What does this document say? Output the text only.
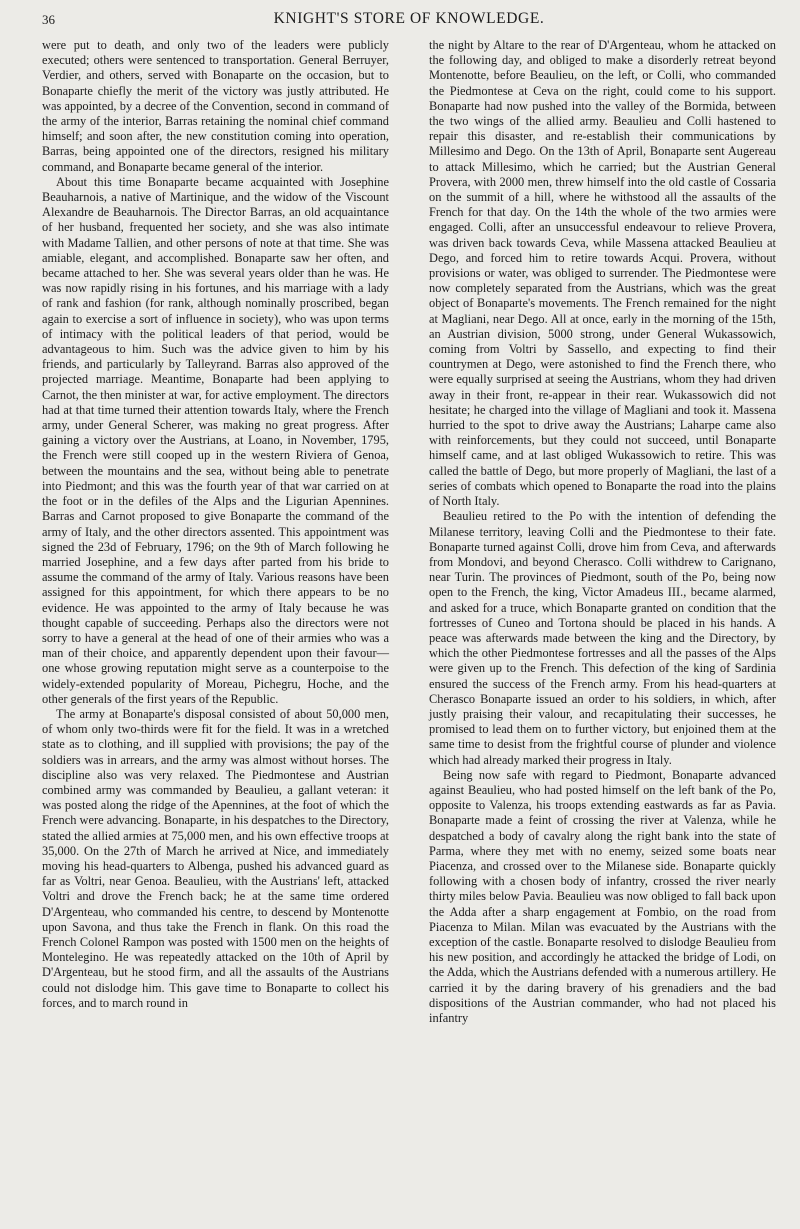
36	KNIGHT'S STORE OF KNOWLEDGE.

were put to death, and only two of the leaders were publicly executed; others were sentenced to transportation. General Berruyer, Verdier, and others, served with Bonaparte on the occasion, but to Bonaparte chiefly the merit of the victory was justly attributed. He was appointed, by a decree of the Convention, second in command of the army of the interior, Barras retaining the nominal chief command himself; and soon after, the new constitution coming into operation, Barras, being appointed one of the directors, resigned his military command, and Bonaparte became general of the interior.

About this time Bonaparte became acquainted with Josephine Beauharnois, a native of Martinique, and the widow of the Viscount Alexandre de Beauharnois. The Director Barras, an old acquaintance of her husband, frequented her society, and she was also intimate with Madame Tallien, and other persons of note at that time. She was amiable, elegant, and accomplished. Bonaparte saw her often, and became attached to her. She was several years older than he was. He was now rapidly rising in his fortunes, and his marriage with a lady of rank and fashion (for rank, although nominally proscribed, began again to exercise a sort of influence in society), who was upon terms of intimacy with the political leaders of that period, would be advantageous to him. Such was the advice given to him by his friends, and particularly by Talleyrand. Barras also approved of the projected marriage. Meantime, Bonaparte had been applying to Carnot, the then minister at war, for active employment. The directors had at that time turned their attention towards Italy, where the French army, under General Scherer, was making no great progress. After gaining a victory over the Austrians, at Loano, in November, 1795, the French were still cooped up in the western Riviera of Genoa, between the mountains and the sea, without being able to penetrate into Piedmont; and this was the fourth year of that war carried on at the foot or in the defiles of the Alps and the Ligurian Apennines. Barras and Carnot proposed to give Bonaparte the command of the army of Italy, and the other directors assented. This appointment was signed the 23d of February, 1796; on the 9th of March following he married Josephine, and a few days after parted from his bride to assume the command of the army of Italy. Various reasons have been assigned for this appointment, for which there appears to be no evidence. He was appointed to the army of Italy because he was thought capable of succeeding. Perhaps also the directors were not sorry to have a general at the head of one of their armies who was a man of their choice, and apparently dependent upon their favour—one whose growing reputation might serve as a counterpoise to the widely-extended popularity of Moreau, Pichegru, Hoche, and the other generals of the first years of the Republic.

The army at Bonaparte's disposal consisted of about 50,000 men, of whom only two-thirds were fit for the field. It was in a wretched state as to clothing, and ill supplied with provisions; the pay of the soldiers was in arrears, and the army was almost without horses. The discipline also was very relaxed. The Piedmontese and Austrian combined army was commanded by Beaulieu, a gallant veteran: it was posted along the ridge of the Apennines, at the foot of which the French were advancing. Bonaparte, in his despatches to the Directory, stated the allied armies at 75,000 men, and his own effective troops at 35,000. On the 27th of March he arrived at Nice, and immediately moving his head-quarters to Albenga, pushed his advanced guard as far as Voltri, near Genoa. Beaulieu, with the Austrians' left, attacked Voltri and drove the French back; he at the same time ordered D'Argenteau, who commanded his centre, to descend by Montenotte upon Savona, and thus take the French in flank. On this road the French Colonel Rampon was posted with 1500 men on the heights of Montelegino. He was repeatedly attacked on the 10th of April by D'Argenteau, but he stood firm, and all the assaults of the Austrians could not dislodge him. This gave time to Bonaparte to collect his forces, and to march round in

the night by Altare to the rear of D'Argenteau, whom he attacked on the following day, and obliged to make a disorderly retreat beyond Montenotte, before Beaulieu, on the left, or Colli, who commanded the Piedmontese at Ceva on the right, could come to his support. Bonaparte had now pushed into the valley of the Bormida, between the two wings of the allied army. Beaulieu and Colli hastened to repair this disaster, and re-establish their communications by Millesimo and Dego. On the 13th of April, Bonaparte sent Augereau to attack Millesimo, which he carried; but the Austrian General Provera, with 2000 men, threw himself into the old castle of Cossaria on the summit of a hill, where he withstood all the assaults of the French for that day. On the 14th the whole of the two armies were engaged. Colli, after an unsuccessful endeavour to relieve Provera, was driven back towards Ceva, while Massena attacked Beaulieu at Dego, and forced him to retire towards Acqui. Provera, without provisions or water, was obliged to surrender. The Piedmontese were now completely separated from the Austrians, which was the great object of Bonaparte's movements. The French remained for the night at Magliani, near Dego. All at once, early in the morning of the 15th, an Austrian division, 5000 strong, under General Wukassowich, coming from Voltri by Sassello, and expecting to find their countrymen at Dego, were astonished to find the French there, who were equally surprised at seeing the Austrians, whom they had driven away in their front, re-appear in their rear. Wukassowich did not hesitate; he charged into the village of Magliani and took it. Massena hurried to the spot to drive away the Austrians; Laharpe came also with reinforcements, but they could not succeed, until Bonaparte himself came, and at last obliged Wukassowich to retire. This was called the battle of Dego, but more properly of Magliani, the last of a series of combats which opened to Bonaparte the road into the plains of North Italy.

Beaulieu retired to the Po with the intention of defending the Milanese territory, leaving Colli and the Piedmontese to their fate. Bonaparte turned against Colli, drove him from Ceva, and afterwards from Mondovi, and beyond Cherasco. Colli withdrew to Carignano, near Turin. The provinces of Piedmont, south of the Po, being now open to the French, the king, Victor Amadeus III., became alarmed, and asked for a truce, which Bonaparte granted on condition that the fortresses of Cuneo and Tortona should be placed in his hands. A peace was afterwards made between the king and the Directory, by which the other Piedmontese fortresses and all the passes of the Alps were given up to the French. This defection of the king of Sardinia ensured the success of the French army. From his head-quarters at Cherasco Bonaparte issued an order to his soldiers, in which, after justly praising their valour, and recapitulating their successes, he promised to lead them on to further victory, but enjoined them at the same time to desist from the frightful course of plunder and violence which had already marked their progress in Italy.

Being now safe with regard to Piedmont, Bonaparte advanced against Beaulieu, who had posted himself on the left bank of the Po, opposite to Valenza, his troops extending eastwards as far as Pavia. Bonaparte made a feint of crossing the river at Valenza, while he despatched a body of cavalry along the right bank into the state of Parma, where they met with no enemy, seized some boats near Piacenza, and crossed over to the Milanese side. Bonaparte quickly following with a chosen body of infantry, crossed the river nearly thirty miles below Pavia. Beaulieu was now obliged to fall back upon the Adda after a sharp engagement at Fombio, on the road from Piacenza to Milan. Milan was evacuated by the Austrians with the exception of the castle. Bonaparte resolved to dislodge Beaulieu from his new position, and accordingly he attacked the bridge of Lodi, on the Adda, which the Austrians defended with a numerous artillery. He carried it by the daring bravery of his grenadiers and the bad dispositions of the Austrian commander, who had not placed his infantry
